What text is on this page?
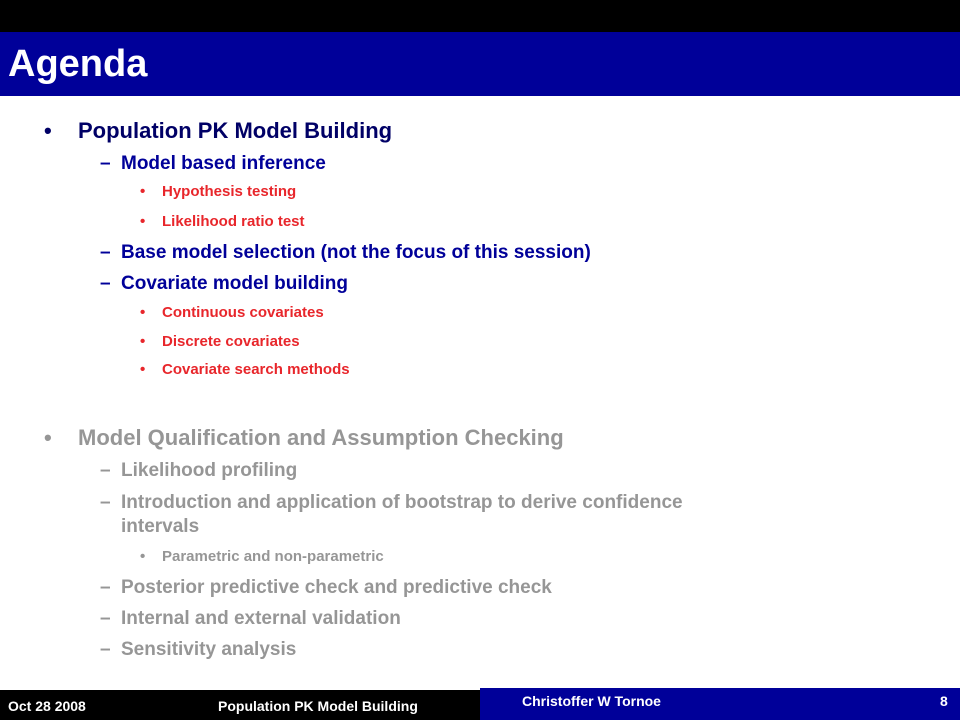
Agenda
• Population PK Model Building
– Model based inference
• Hypothesis testing
• Likelihood ratio test
– Base model selection (not the focus of this session)
– Covariate model building
• Continuous covariates
• Discrete covariates
• Covariate search methods
• Model Qualification and Assumption Checking
– Likelihood profiling
– Introduction and application of bootstrap to derive confidence
intervals
• Parametric and non-parametric
– Posterior predictive check and predictive check
– Internal and external validation
– Sensitivity analysis
Oct 28 2008	Population PK Model Building	Christoffer W Tornoe	8
